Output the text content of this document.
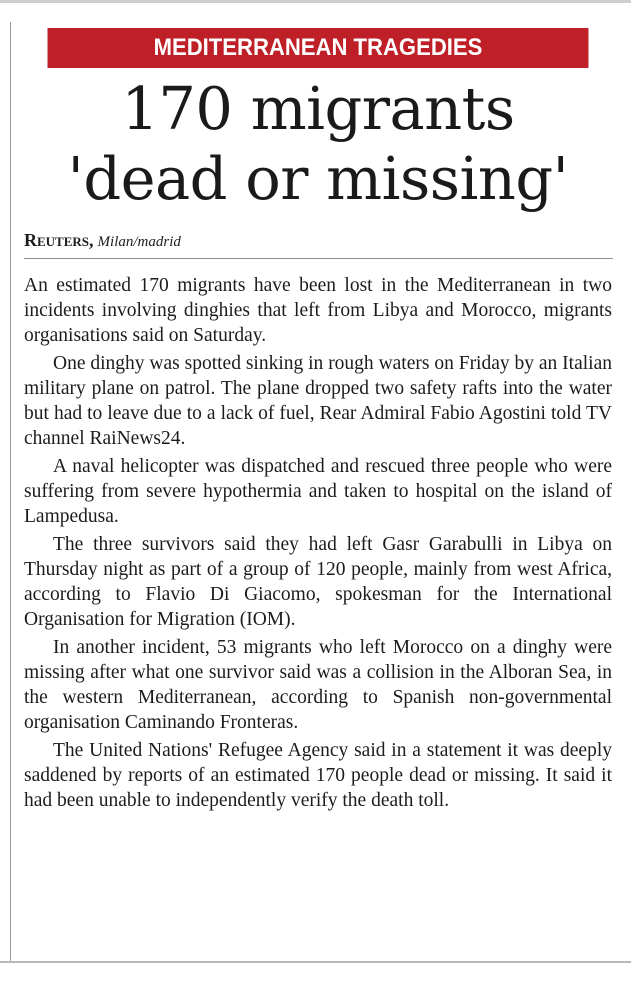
MEDITERRANEAN TRAGEDIES
170 migrants
'dead or missing'
Reuters, Milan/madrid

An estimated 170 migrants have been lost in the Mediterranean in two incidents involving dinghies that left from Libya and Morocco, migrants organisations said on Saturday.

One dinghy was spotted sinking in rough waters on Friday by an Italian military plane on patrol. The plane dropped two safety rafts into the water but had to leave due to a lack of fuel, Rear Admiral Fabio Agostini told TV channel RaiNews24.

A naval helicopter was dispatched and rescued three people who were suffering from severe hypothermia and taken to hospital on the island of Lampedusa.

The three survivors said they had left Gasr Garabulli in Libya on Thursday night as part of a group of 120 people, mainly from west Africa, according to Flavio Di Giacomo, spokesman for the International Organisation for Migration (IOM).

In another incident, 53 migrants who left Morocco on a dinghy were missing after what one survivor said was a collision in the Alboran Sea, in the western Mediterranean, according to Spanish non-governmental organisation Caminando Fronteras.

The United Nations' Refugee Agency said in a statement it was deeply saddened by reports of an estimated 170 people dead or missing. It said it had been unable to independently verify the death toll.
